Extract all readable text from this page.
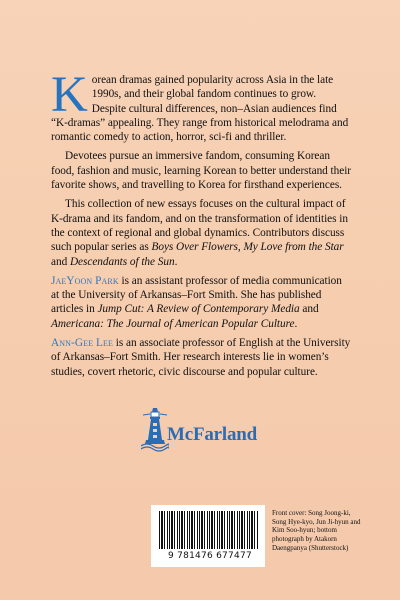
Korean dramas gained popularity across Asia in the late 1990s, and their global fandom continues to grow. Despite cultural differences, non–Asian audiences find “K-dramas” appealing. They range from historical melodrama and romantic comedy to action, horror, sci-fi and thriller.

Devotees pursue an immersive fandom, consuming Korean food, fashion and music, learning Korean to better understand their favorite shows, and travelling to Korea for firsthand experiences.

This collection of new essays focuses on the cultural impact of K-drama and its fandom, and on the transformation of identities in the context of regional and global dynamics. Contributors discuss such popular series as Boys Over Flowers, My Love from the Star and Descendants of the Sun.

JaeYoon Park is an assistant professor of media communication at the University of Arkansas–Fort Smith. She has published articles in Jump Cut: A Review of Contemporary Media and Americana: The Journal of American Popular Culture.

Ann-Gee Lee is an associate professor of English at the University of Arkansas–Fort Smith. Her research interests lie in women’s studies, covert rhetoric, civic discourse and popular culture.

McFarland
9 781476 677477
Front cover: Song Joong-ki, Song Hye-kyo, Jun Ji-hyun and Kim Soo-hyun; bottom photograph by Atakorn Daengpanya (Shutterstock)
